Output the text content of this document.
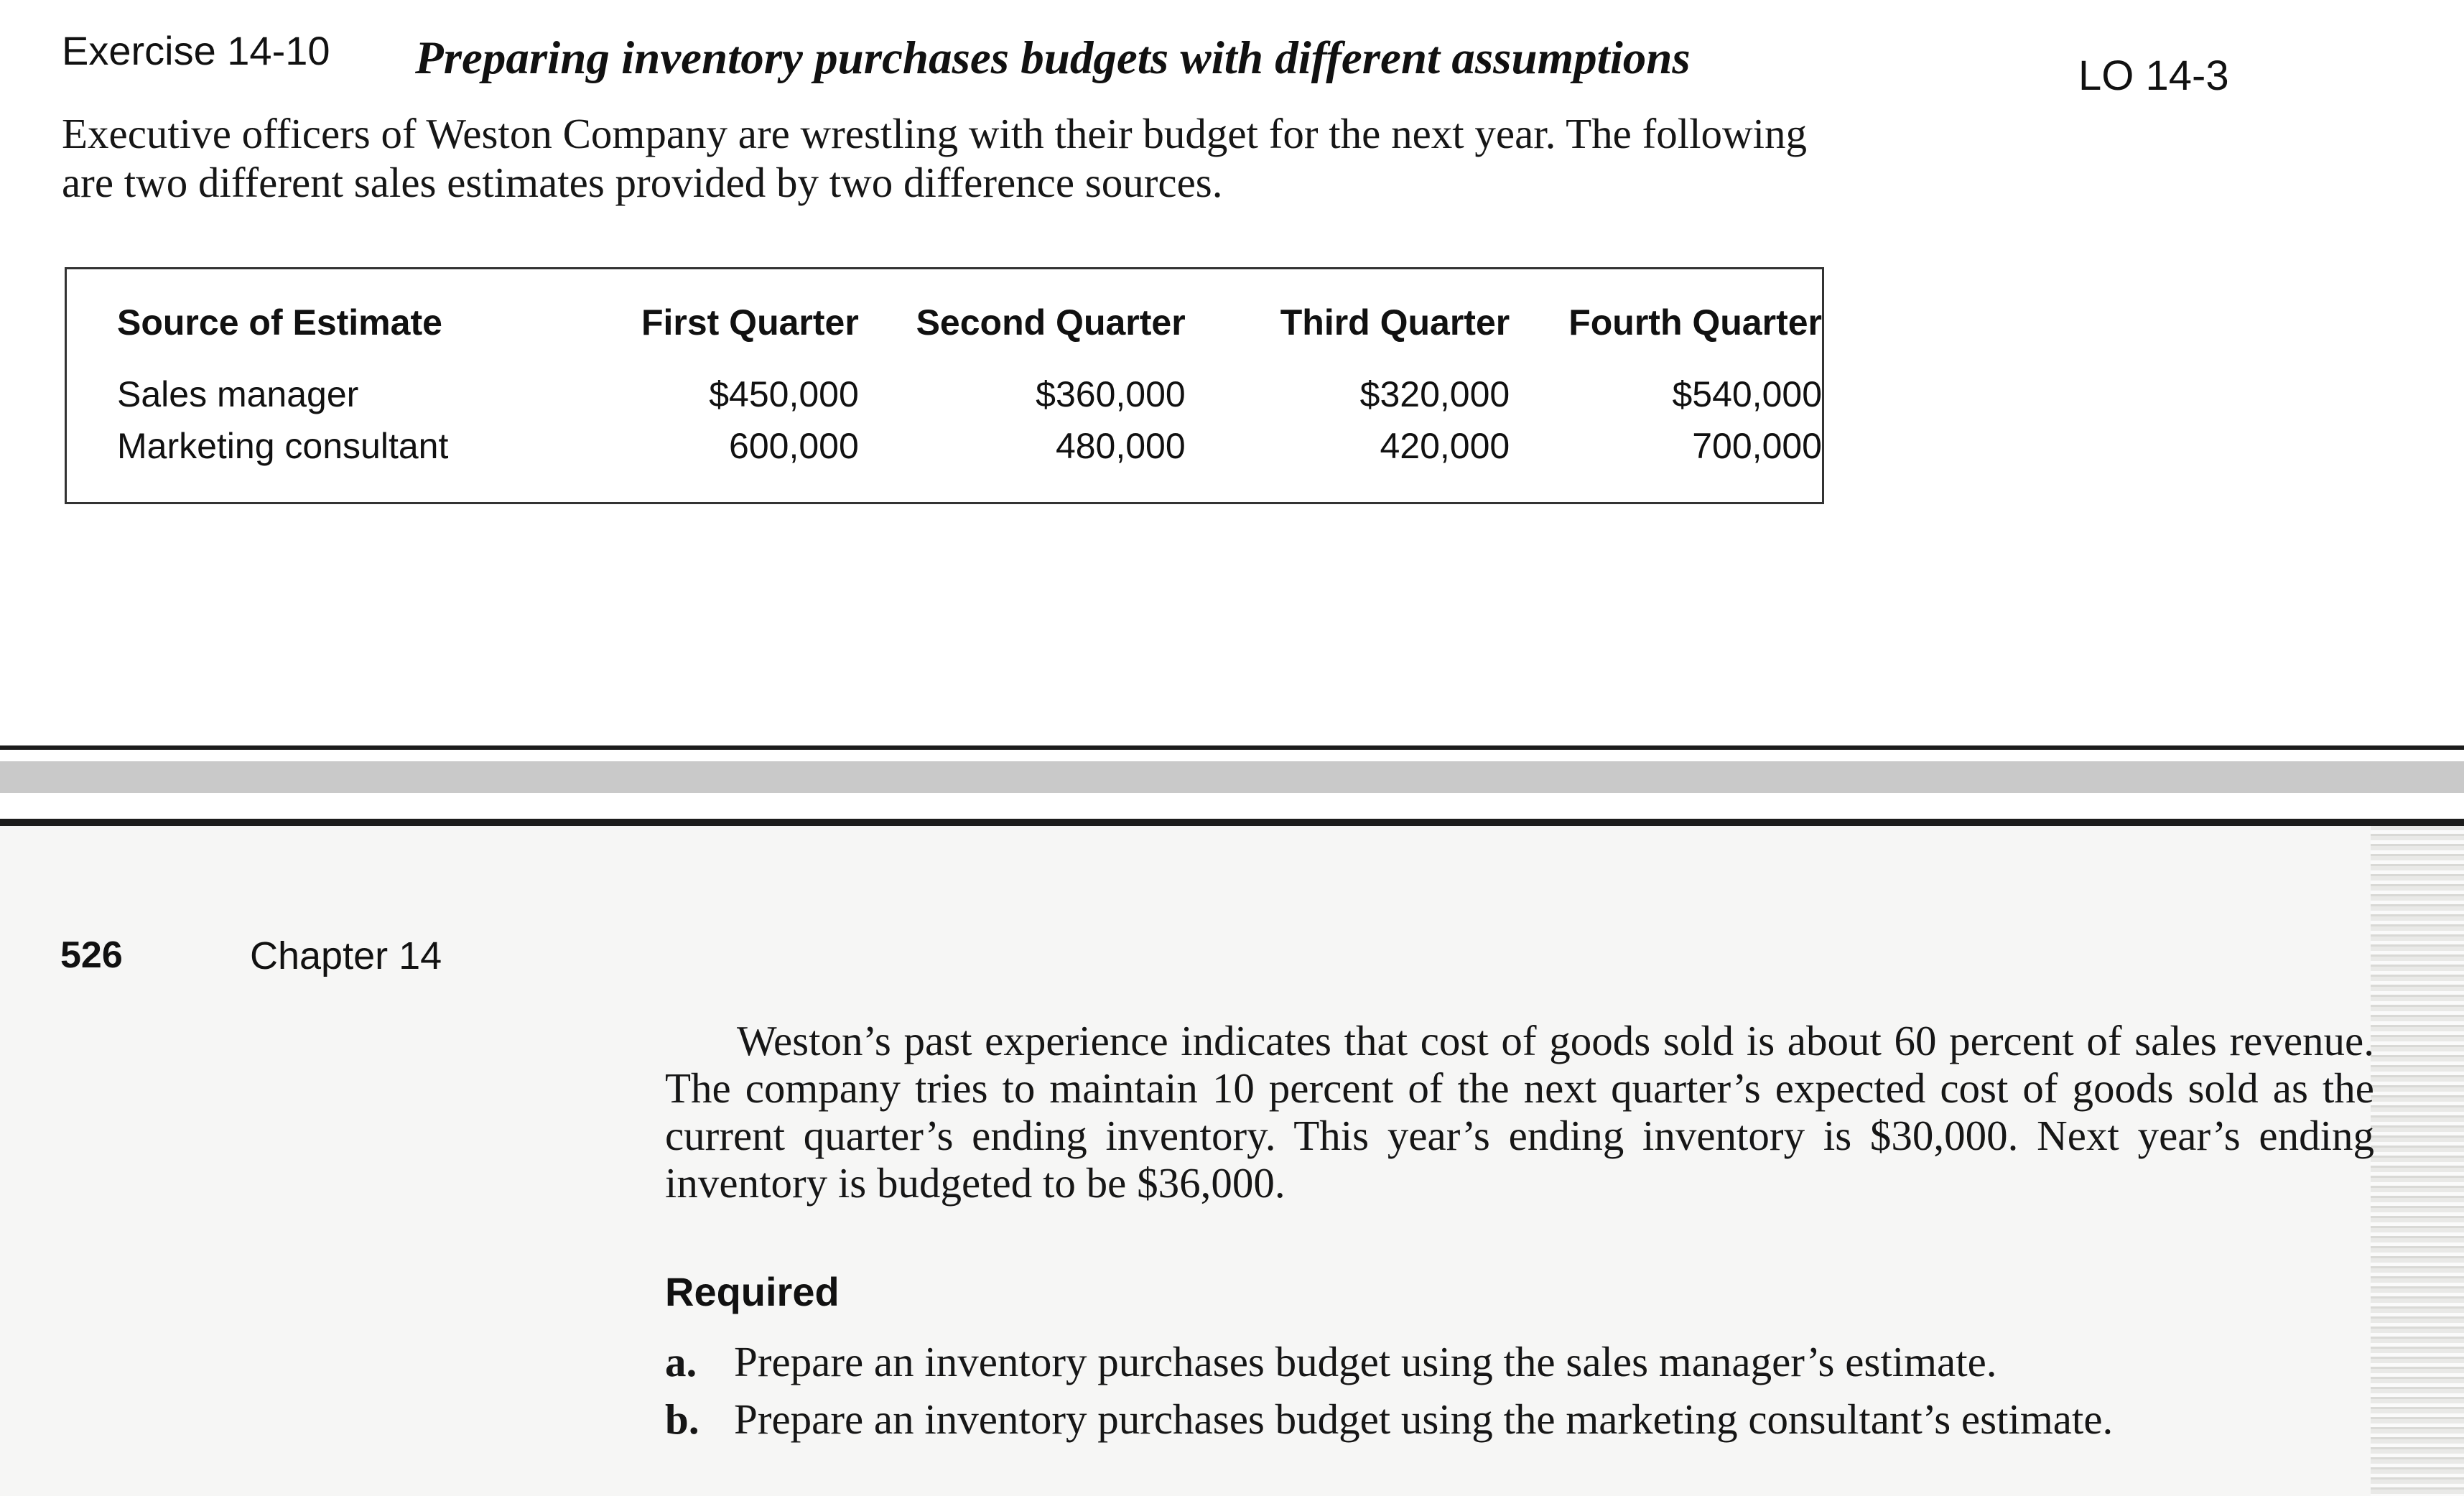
Exercise 14-10 Preparing inventory purchases budgets with different assumptions	LO 14-3
Executive officers of Weston Company are wrestling with their budget for the next year. The following are two different sales estimates provided by two difference sources.
Source of Estimate	First Quarter	Second Quarter	Third Quarter	Fourth Quarter

Sales manager	$450,000	$360,000	$320,000	$540,000
Marketing consultant	600,000	480,000	420,000	700,000
526	Chapter 14
Weston’s past experience indicates that cost of goods sold is about 60 percent of sales revenue. The company tries to maintain 10 percent of the next quarter’s expected cost of goods sold as the current quarter’s ending inventory. This year’s ending inventory is $30,000. Next year’s ending inventory is budgeted to be $36,000.
Required
a. Prepare an inventory purchases budget using the sales manager’s estimate.
b. Prepare an inventory purchases budget using the marketing consultant’s estimate.
